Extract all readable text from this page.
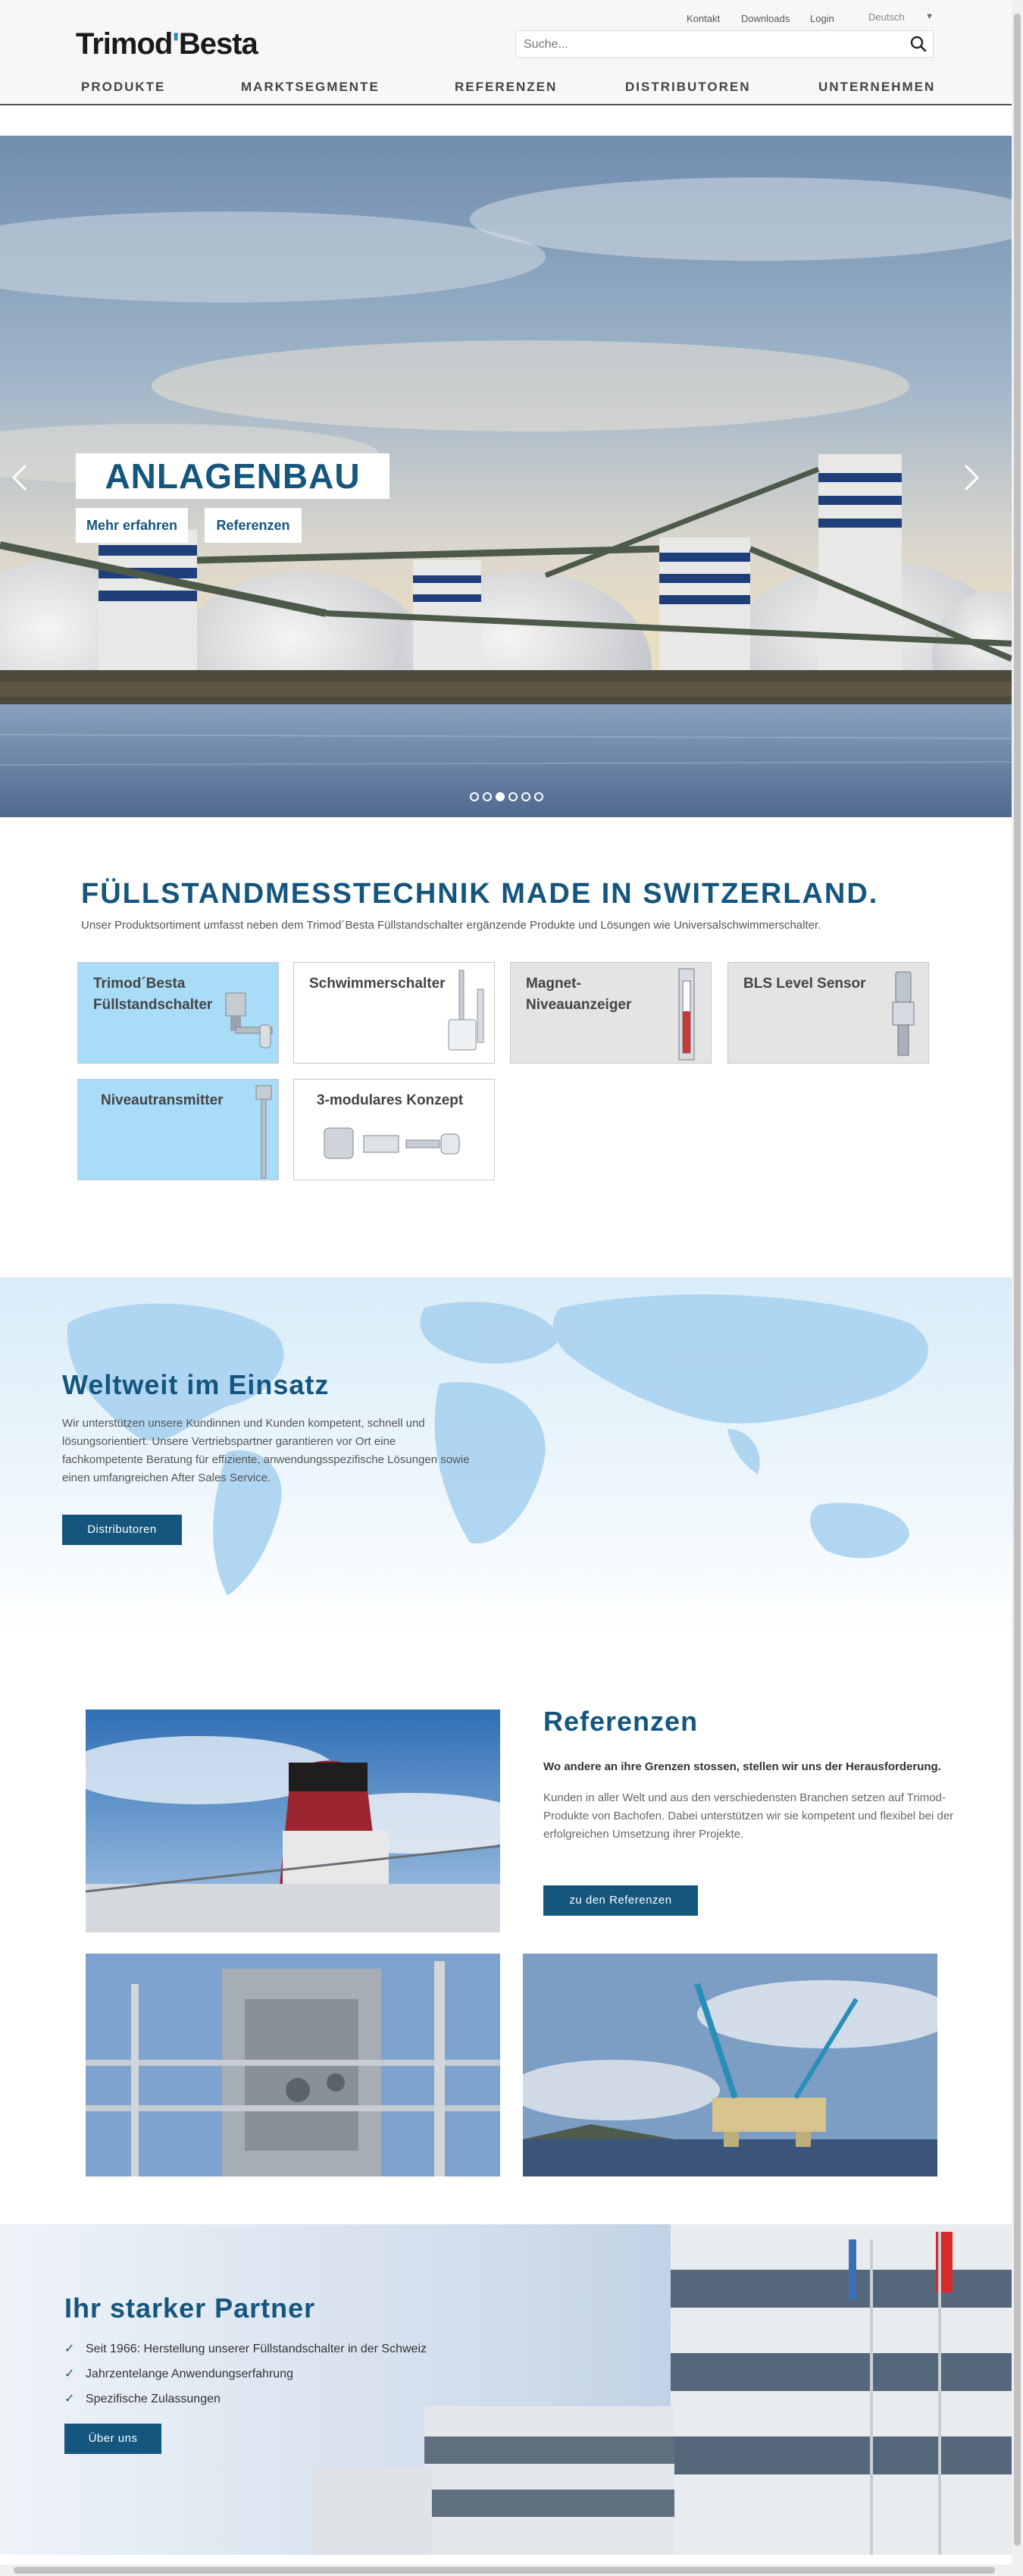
Trimod'Besta
Kontakt Downloads Login	Deutsch ▼
Suche...
PRODUKTE	MARKTSEGMENTE	REFERENZEN	DISTRIBUTOREN	UNTERNEHMEN
ANLAGENBAU
Mehr erfahren	Referenzen
FÜLLSTANDMESSTECHNIK MADE IN SWITZERLAND.
Unser Produktsortiment umfasst neben dem Trimod´Besta Füllstandschalter ergänzende Produkte und Lösungen wie Universalschwimmerschalter.
Trimod´Besta Füllstandschalter
Schwimmerschalter	Magnet-Niveauanzeiger
BLS Level Sensor
Niveautransmitter	3-modulares Konzept
Weltweit im Einsatz
Wir unterstützen unsere Kundinnen und Kunden kompetent, schnell und lösungsorientiert. Unsere Vertriebspartner garantieren vor Ort eine fachkompetente Beratung für effiziente, anwendungsspezifische Lösungen sowie einen umfangreichen After Sales Service.
Distributoren
Referenzen
Wo andere an ihre Grenzen stossen, stellen wir uns der Herausforderung.
Kunden in aller Welt und aus den verschiedensten Branchen setzen auf Trimod-Produkte von Bachofen. Dabei unterstützen wir sie kompetent und flexibel bei der erfolgreichen Umsetzung ihrer Projekte.
zu den Referenzen
Ihr starker Partner
✓ Seit 1966: Herstellung unserer Füllstandschalter in der Schweiz
✓ Jahrzentelange Anwendungserfahrung
✓ Spezifische Zulassungen
Über uns
